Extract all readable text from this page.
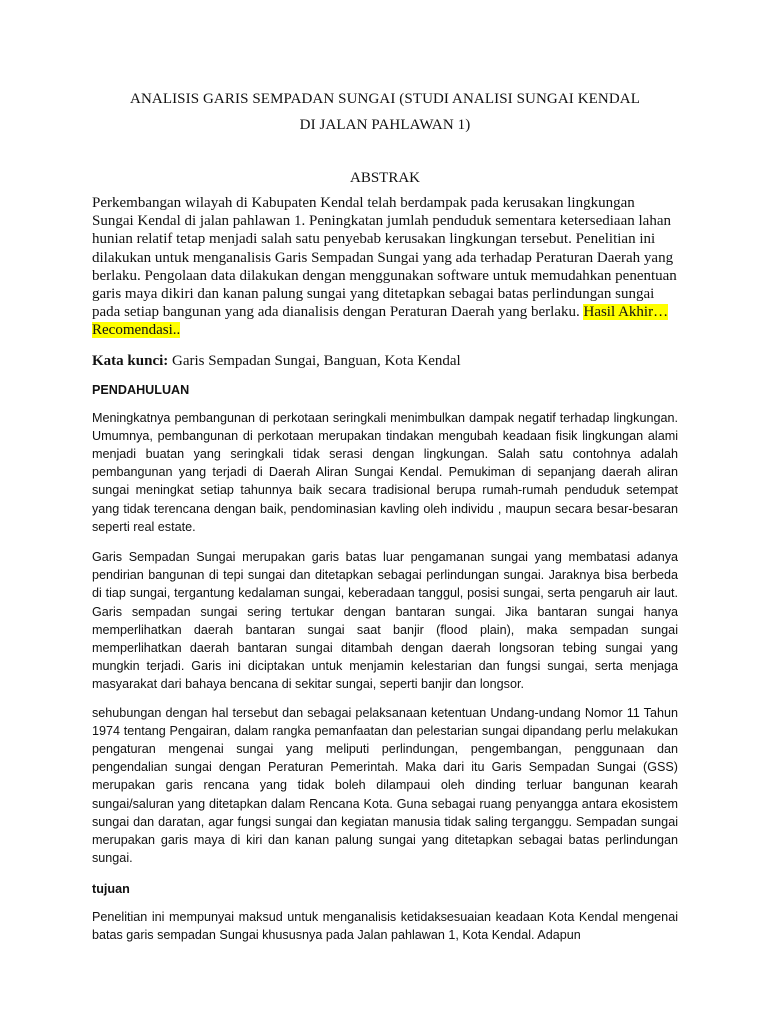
ANALISIS GARIS SEMPADAN SUNGAI (STUDI ANALISI SUNGAI KENDAL

DI JALAN PAHLAWAN 1)

ABSTRAK

Perkembangan wilayah di Kabupaten Kendal telah berdampak pada kerusakan lingkungan Sungai Kendal di jalan pahlawan 1. Peningkatan jumlah penduduk sementara ketersediaan lahan hunian relatif tetap menjadi salah satu penyebab kerusakan lingkungan tersebut. Penelitian ini dilakukan untuk menganalisis Garis Sempadan Sungai yang ada terhadap Peraturan Daerah yang berlaku. Pengolaan data dilakukan dengan menggunakan software untuk memudahkan penentuan garis maya dikiri dan kanan palung sungai yang ditetapkan sebagai batas perlindungan sungai pada setiap bangunan yang ada dianalisis dengan Peraturan Daerah yang berlaku. Hasil Akhir… Recomendasi..

Kata kunci: Garis Sempadan Sungai, Banguan, Kota Kendal

PENDAHULUAN

Meningkatnya pembangunan di perkotaan seringkali menimbulkan dampak negatif terhadap lingkungan. Umumnya, pembangunan di perkotaan merupakan tindakan mengubah keadaan fisik lingkungan alami menjadi buatan yang seringkali tidak serasi dengan lingkungan. Salah satu contohnya adalah pembangunan yang terjadi di Daerah Aliran Sungai Kendal. Pemukiman di sepanjang daerah aliran sungai meningkat setiap tahunnya baik secara tradisional berupa rumah-rumah penduduk setempat yang tidak terencana dengan baik, pendominasian kavling oleh individu , maupun secara besar-besaran seperti real estate.

Garis Sempadan Sungai merupakan garis batas luar pengamanan sungai yang membatasi adanya pendirian bangunan di tepi sungai dan ditetapkan sebagai perlindungan sungai. Jaraknya bisa berbeda di tiap sungai, tergantung kedalaman sungai, keberadaan tanggul, posisi sungai, serta pengaruh air laut. Garis sempadan sungai sering tertukar dengan bantaran sungai. Jika bantaran sungai hanya memperlihatkan daerah bantaran sungai saat banjir (flood plain), maka sempadan sungai memperlihatkan daerah bantaran sungai ditambah dengan daerah longsoran tebing sungai yang mungkin terjadi. Garis ini diciptakan untuk menjamin kelestarian dan fungsi sungai, serta menjaga masyarakat dari bahaya bencana di sekitar sungai, seperti banjir dan longsor.

sehubungan dengan hal tersebut dan sebagai pelaksanaan ketentuan Undang-undang Nomor 11 Tahun 1974 tentang Pengairan, dalam rangka pemanfaatan dan pelestarian sungai dipandang perlu melakukan pengaturan mengenai sungai yang meliputi perlindungan, pengembangan, penggunaan dan pengendalian sungai dengan Peraturan Pemerintah. Maka dari itu Garis Sempadan Sungai (GSS) merupakan garis rencana yang tidak boleh dilampaui oleh dinding terluar bangunan kearah sungai/saluran yang ditetapkan dalam Rencana Kota. Guna sebagai ruang penyangga antara ekosistem sungai dan daratan, agar fungsi sungai dan kegiatan manusia tidak saling terganggu. Sempadan sungai merupakan garis maya di kiri dan kanan palung sungai yang ditetapkan sebagai batas perlindungan sungai.

tujuan

Penelitian ini mempunyai maksud untuk menganalisis ketidaksesuaian keadaan Kota Kendal mengenai batas garis sempadan Sungai khususnya pada Jalan pahlawan 1, Kota Kendal. Adapun
